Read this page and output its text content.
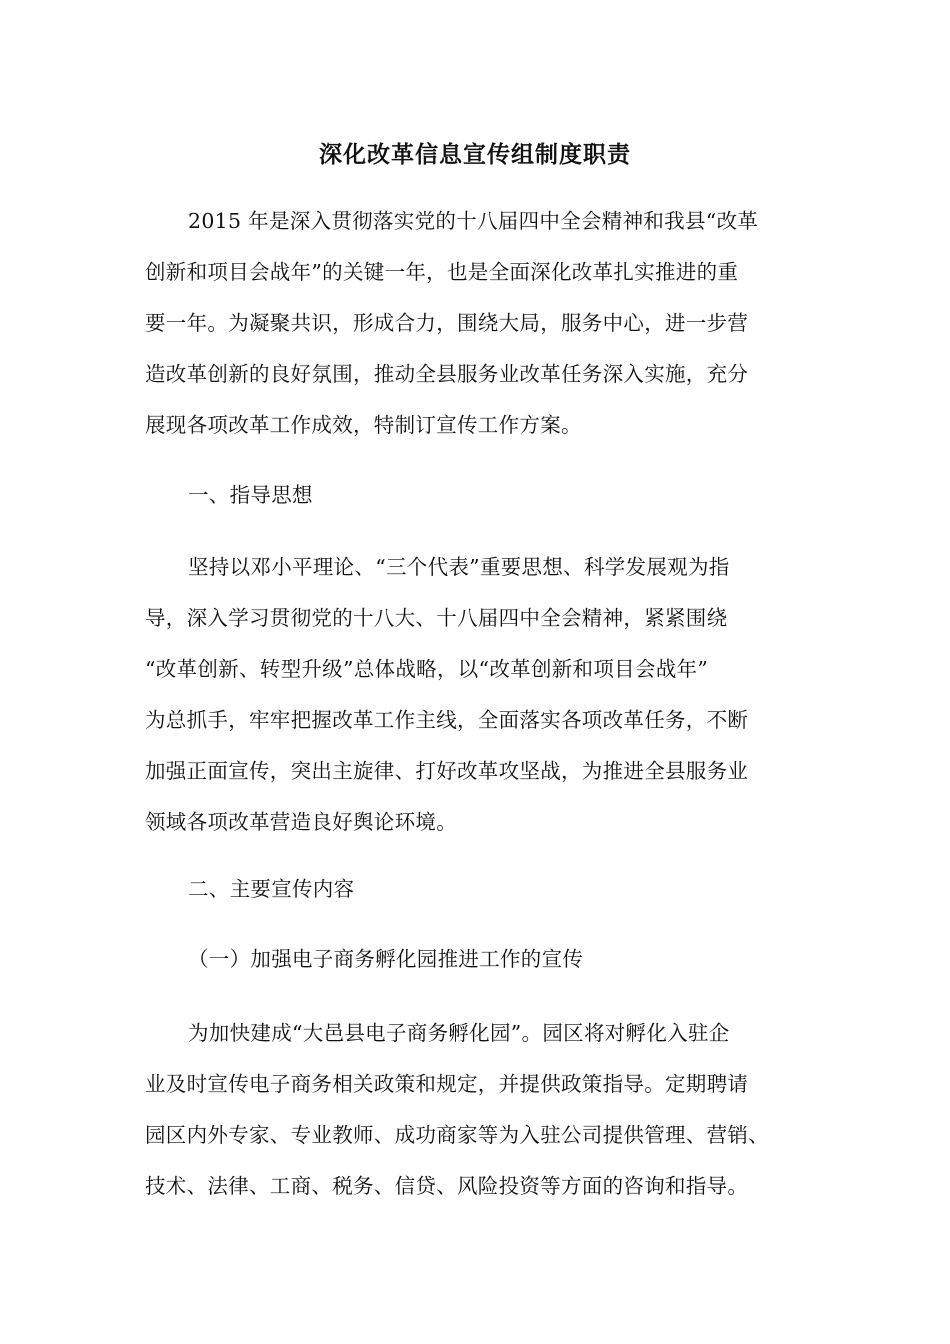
深化改革信息宣传组制度职责
2015 年是深入贯彻落实党的十八届四中全会精神和我县“改革
创新和项目会战年”的关键一年，也是全面深化改革扎实推进的重
要一年。为凝聚共识，形成合力，围绕大局，服务中心，进一步营
造改革创新的良好氛围，推动全县服务业改革任务深入实施，充分
展现各项改革工作成效，特制订宣传工作方案。
一、指导思想
坚持以邓小平理论、“三个代表”重要思想、科学发展观为指
导，深入学习贯彻党的十八大、十八届四中全会精神，紧紧围绕
“改革创新、转型升级”总体战略，以“改革创新和项目会战年”
为总抓手，牢牢把握改革工作主线，全面落实各项改革任务，不断
加强正面宣传，突出主旋律、打好改革攻坚战，为推进全县服务业
领域各项改革营造良好舆论环境。
二、主要宣传内容
（一）加强电子商务孵化园推进工作的宣传
为加快建成“大邑县电子商务孵化园”。园区将对孵化入驻企
业及时宣传电子商务相关政策和规定，并提供政策指导。定期聘请
园区内外专家、专业教师、成功商家等为入驻公司提供管理、营销、
技术、法律、工商、税务、信贷、风险投资等方面的咨询和指导。
